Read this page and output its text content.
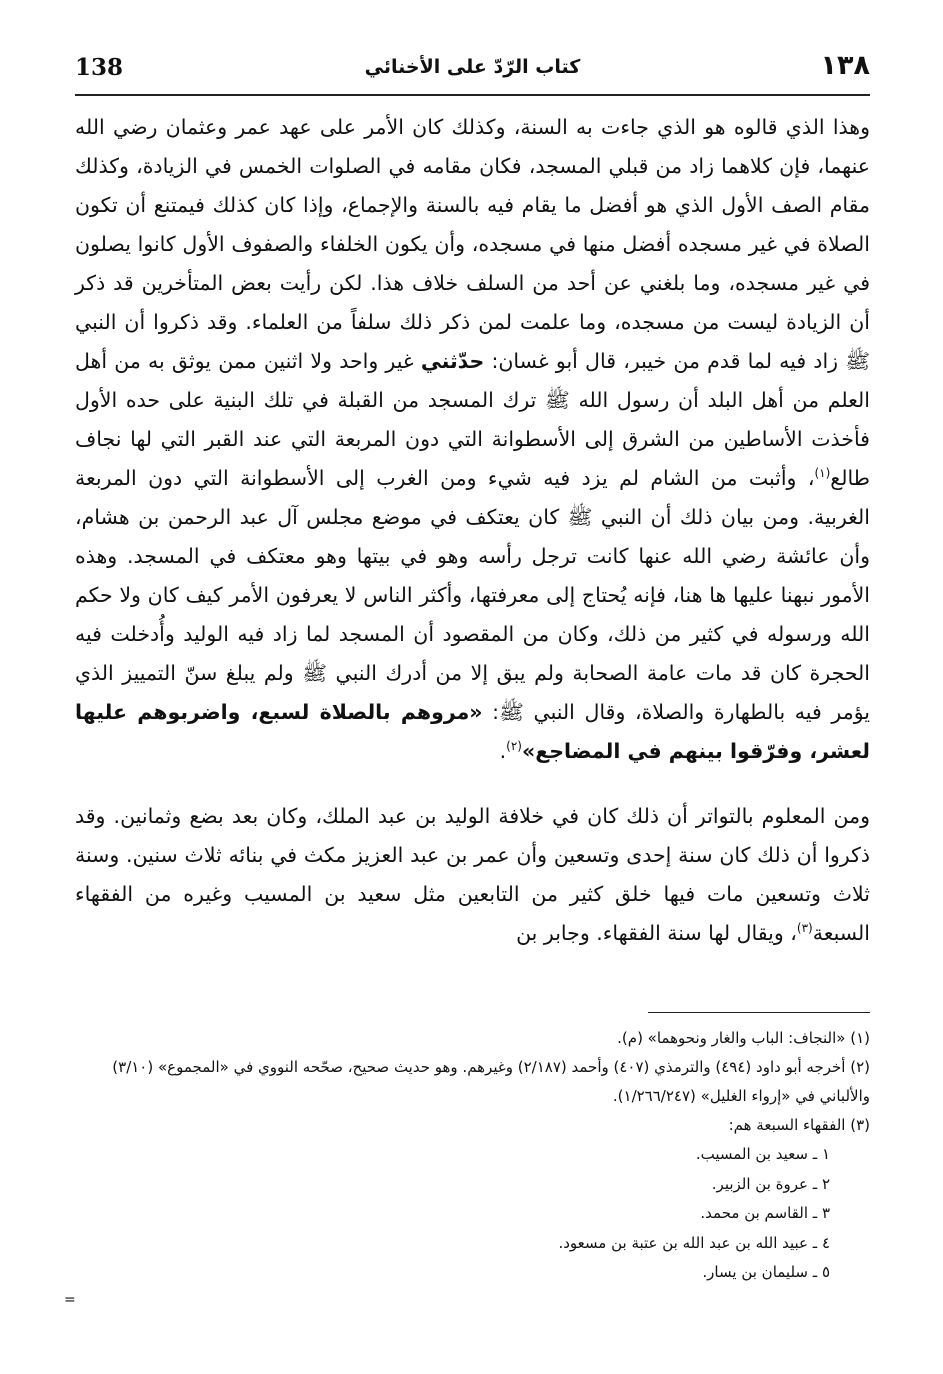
138	كتاب الرّدّ على الأخنائي	١٣٨

وهذا الذي قالوه هو الذي جاءت به السنة، وكذلك كان الأمر على عهد عمر وعثمان رضي الله عنهما، فإن كلاهما زاد من قبلي المسجد، فكان مقامه في الصلوات الخمس في الزيادة، وكذلك مقام الصف الأول الذي هو أفضل ما يقام فيه بالسنة والإجماع، وإذا كان كذلك فيمتنع أن تكون الصلاة في غير مسجده أفضل منها في مسجده، وأن يكون الخلفاء والصفوف الأول كانوا يصلون في غير مسجده، وما بلغني عن أحد من السلف خلاف هذا. لكن رأيت بعض المتأخرين قد ذكر أن الزيادة ليست من مسجده، وما علمت لمن ذكر ذلك سلفاً من العلماء. وقد ذكروا أن النبي ﷺ زاد فيه لما قدم من خيبر، قال أبو غسان: حدّثني غير واحد ولا اثنين ممن يوثق به من أهل العلم من أهل البلد أن رسول الله ﷺ ترك المسجد من القبلة في تلك البنية على حده الأول فأخذت الأساطين من الشرق إلى الأسطوانة التي دون المربعة التي عند القبر التي لها نجاف طالع$^{(١)}$، وأثبت من الشام لم يزد فيه شيء ومن الغرب إلى الأسطوانة التي دون المربعة الغربية. ومن بيان ذلك أن النبي ﷺ كان يعتكف في موضع مجلس آل عبد الرحمن بن هشام، وأن عائشة رضي الله عنها كانت ترجل رأسه وهو في بيتها وهو معتكف في المسجد. وهذه الأمور نبهنا عليها ها هنا، فإنه يُحتاج إلى معرفتها، وأكثر الناس لا يعرفون الأمر كيف كان ولا حكم الله ورسوله في كثير من ذلك، وكان من المقصود أن المسجد لما زاد فيه الوليد وأُدخلت فيه الحجرة كان قد مات عامة الصحابة ولم يبق إلا من أدرك النبي ﷺ ولم يبلغ سنّ التمييز الذي يؤمر فيه بالطهارة والصلاة، وقال النبي ﷺ: «مروهم بالصلاة لسبع، واضربوهم عليها لعشر، وفرّقوا بينهم في المضاجع»$^{(٢)}$.

ومن المعلوم بالتواتر أن ذلك كان في خلافة الوليد بن عبد الملك، وكان بعد بضع وثمانين. وقد ذكروا أن ذلك كان سنة إحدى وتسعين وأن عمر بن عبد العزيز مكث في بنائه ثلاث سنين. وسنة ثلاث وتسعين مات فيها خلق كثير من التابعين مثل سعيد بن المسيب وغيره من الفقهاء السبعة$^{(٣)}$، ويقال لها سنة الفقهاء. وجابر بن

(١) «النجاف: الباب والغار ونحوهما» (م).
(٢) أخرجه أبو داود (٤٩٤) والترمذي (٤٠٧) وأحمد (٢/١٨٧) وغيرهم. وهو حديث صحيح، صحّحه النووي في «المجموع» (٣/١٠) والألباني في «إرواء الغليل» (١/٢٦٦/٢٤٧).
(٣) الفقهاء السبعة هم:
١ ـ سعيد بن المسيب.
٢ ـ عروة بن الزبير.
٣ ـ القاسم بن محمد.
٤ ـ عبيد الله بن عبد الله بن عتبة بن مسعود.
٥ ـ سليمان بن يسار.
=
